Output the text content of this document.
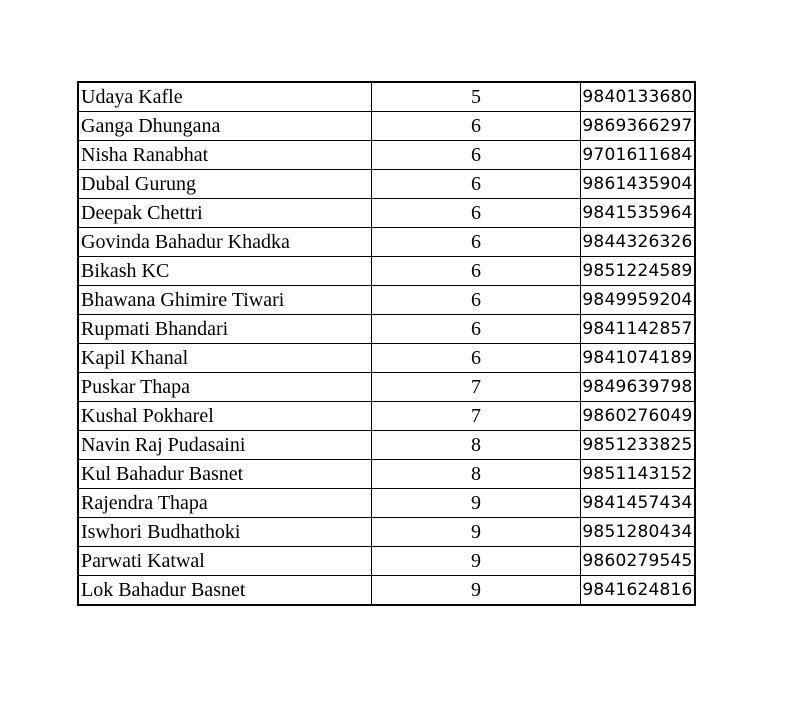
Udaya Kafle	5	9840133680
Ganga Dhungana	6	9869366297
Nisha Ranabhat	6	9701611684
Dubal Gurung	6	9861435904
Deepak Chettri	6	9841535964
Govinda Bahadur Khadka	6	9844326326
Bikash KC	6	9851224589
Bhawana Ghimire Tiwari	6	9849959204
Rupmati Bhandari	6	9841142857
Kapil Khanal	6	9841074189
Puskar Thapa	7	9849639798
Kushal Pokharel	7	9860276049
Navin Raj Pudasaini	8	9851233825
Kul Bahadur Basnet	8	9851143152
Rajendra Thapa	9	9841457434
Iswhori Budhathoki	9	9851280434
Parwati Katwal	9	9860279545
Lok Bahadur Basnet	9	9841624816
